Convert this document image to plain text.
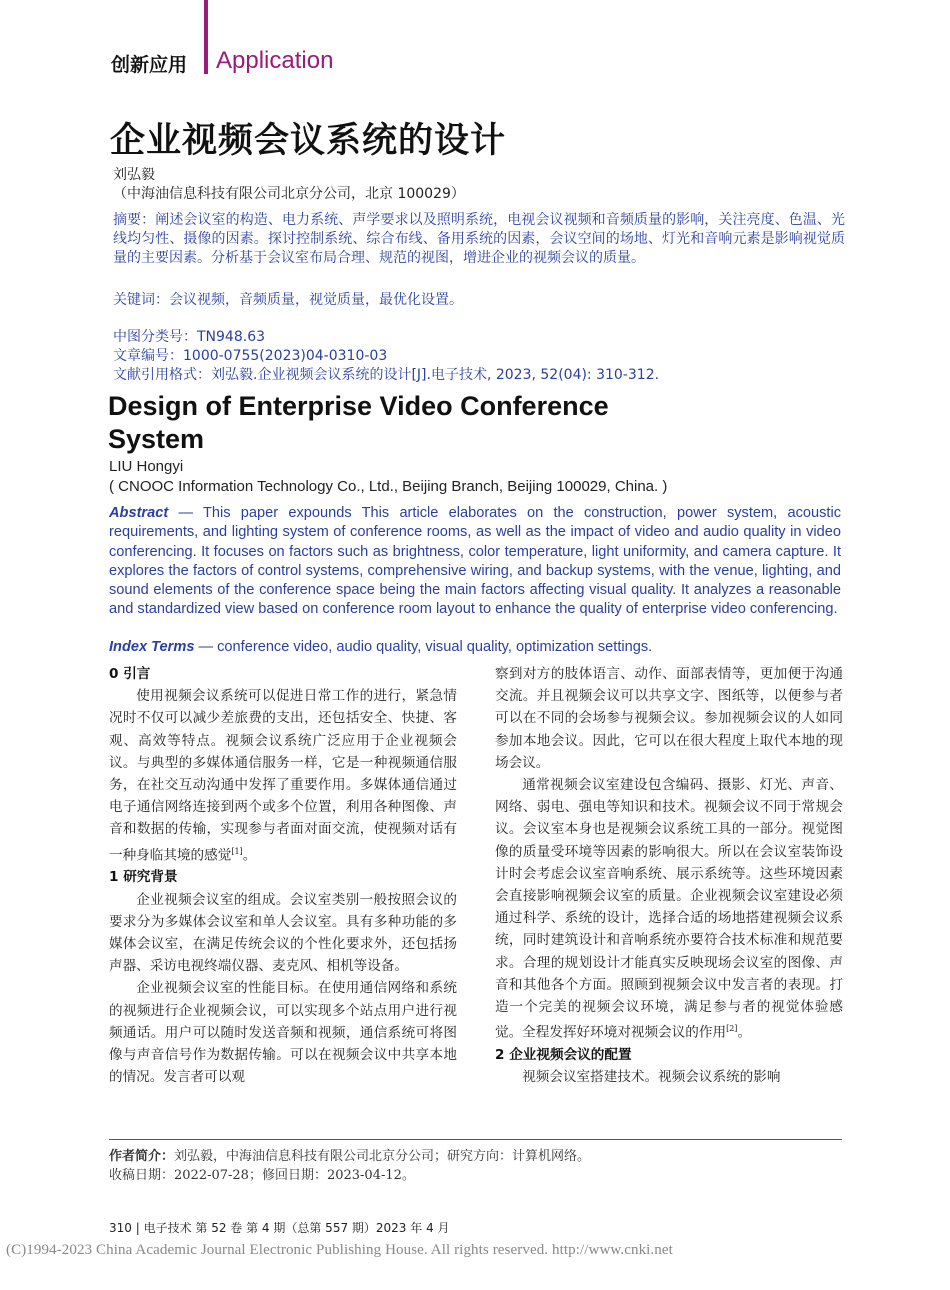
创新应用 Application
企业视频会议系统的设计
刘弘毅
（中海油信息科技有限公司北京分公司，北京 100029）
摘要：阐述会议室的构造、电力系统、声学要求以及照明系统，电视会议视频和音频质量的影响，关注亮度、色温、光线均匀性、摄像的因素。探讨控制系统、综合布线、备用系统的因素，会议空间的场地、灯光和音响元素是影响视觉质量的主要因素。分析基于会议室布局合理、规范的视图，增进企业的视频会议的质量。
关键词：会议视频，音频质量，视觉质量，最优化设置。
中图分类号：TN948.63
文章编号：1000-0755(2023)04-0310-03
文献引用格式：刘弘毅.企业视频会议系统的设计[J].电子技术, 2023, 52(04): 310-312.
Design of Enterprise Video Conference System
LIU Hongyi
( CNOOC Information Technology Co., Ltd., Beijing Branch, Beijing 100029, China. )
Abstract — This paper expounds This article elaborates on the construction, power system, acoustic requirements, and lighting system of conference rooms, as well as the impact of video and audio quality in video conferencing. It focuses on factors such as brightness, color temperature, light uniformity, and camera capture. It explores the factors of control systems, comprehensive wiring, and backup systems, with the venue, lighting, and sound elements of the conference space being the main factors affecting visual quality. It analyzes a reasonable and standardized view based on conference room layout to enhance the quality of enterprise video conferencing.
Index Terms — conference video, audio quality, visual quality, optimization settings.
0 引言

使用视频会议系统可以促进日常工作的进行，紧急情况时不仅可以减少差旅费的支出，还包括安全、快捷、客观、高效等特点。视频会议系统广泛应用于企业视频会议。与典型的多媒体通信服务一样，它是一种视频通信服务，在社交互动沟通中发挥了重要作用。多媒体通信通过电子通信网络连接到两个或多个位置，利用各种图像、声音和数据的传输，实现参与者面对面交流，使视频对话有一种身临其境的感觉[1]。

1 研究背景

企业视频会议室的组成。会议室类别一般按照会议的要求分为多媒体会议室和单人会议室。具有多种功能的多媒体会议室，在满足传统会议的个性化要求外，还包括扬声器、采访电视终端仪器、麦克风、相机等设备。

企业视频会议室的性能目标。在使用通信网络和系统的视频进行企业视频会议，可以实现多个站点用户进行视频通话。用户可以随时发送音频和视频，通信系统可将图像与声音信号作为数据传输。可以在视频会议中共享本地的情况。发言者可以观

察到对方的肢体语言、动作、面部表情等，更加便于沟通交流。并且视频会议可以共享文字、图纸等，以便参与者可以在不同的会场参与视频会议。参加视频会议的人如同参加本地会议。因此，它可以在很大程度上取代本地的现场会议。

通常视频会议室建设包含编码、摄影、灯光、声音、网络、弱电、强电等知识和技术。视频会议不同于常规会议。会议室本身也是视频会议系统工具的一部分。视觉图像的质量受环境等因素的影响很大。所以在会议室装饰设计时会考虑会议室音响系统、展示系统等。这些环境因素会直接影响视频会议室的质量。企业视频会议室建设必须通过科学、系统的设计，选择合适的场地搭建视频会议系统，同时建筑设计和音响系统亦要符合技术标准和规范要求。合理的规划设计才能真实反映现场会议室的图像、声音和其他各个方面。照顾到视频会议中发言者的表现。打造一个完美的视频会议环境，满足参与者的视觉体验感觉。全程发挥好环境对视频会议的作用[2]。

2 企业视频会议的配置

视频会议室搭建技术。视频会议系统的影响

作者简介：刘弘毅，中海油信息科技有限公司北京分公司；研究方向：计算机网络。
收稿日期：2022-07-28；修回日期：2023-04-12。
310 | 电子技术 第 52 卷 第 4 期（总第 557 期）2023 年 4 月
(C)1994-2023 China Academic Journal Electronic Publishing House. All rights reserved. http://www.cnki.net
